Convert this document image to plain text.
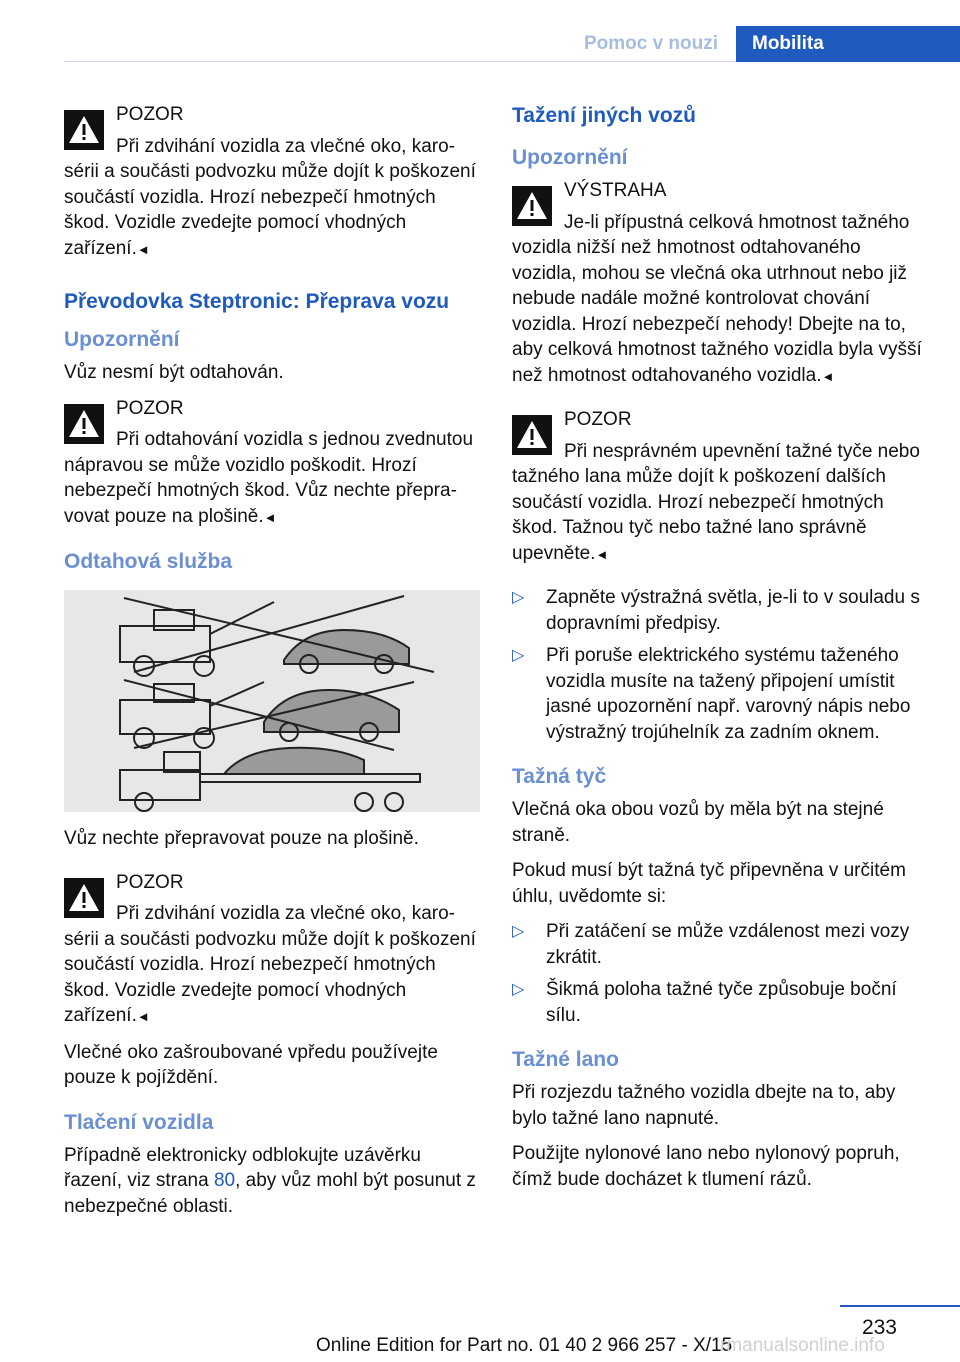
Pomoc v nouzi	Mobilita
POZOR
Při zdvihání vozidla za vlečné oko, karosérii a součásti podvozku může dojít k poškození součástí vozidla. Hrozí nebezpečí hmotných škod. Vozidle zvedejte pomocí vhodných zařízení.◄
Převodovka Steptronic: Přeprava vozu
Upozornění

Vůz nesmí být odtahován.

POZOR
Při odtahování vozidla s jednou zvednutou nápravou se může vozidlo poškodit. Hrozí nebezpečí hmotných škod. Vůz nechte přepravovat pouze na plošině.◄
Odtahová služba

Vůz nechte přepravovat pouze na plošině.

POZOR
Při zdvihání vozidla za vlečné oko, karosérii a součásti podvozku může dojít k poškození součástí vozidla. Hrozí nebezpečí hmotných škod. Vozidle zvedejte pomocí vhodných zařízení.◄

Vlečné oko zašroubované vpředu používejte pouze k pojíždění.

Tlačení vozidla

Případně elektronicky odblokujte uzávěrku řazení, viz strana 80, aby vůz mohl být posunut z nebezpečné oblasti.

Tažení jiných vozů
Upozornění
VÝSTRAHA
Je-li přípustná celková hmotnost tažného vozidla nižší než hmotnost odtahovaného vozidla, mohou se vlečná oka utrhnout nebo již nebude nadále možné kontrolovat chování vozidla. Hrozí nebezpečí nehody! Dbejte na to, aby celková hmotnost tažného vozidla byla vyšší než hmotnost odtahovaného vozidla.◄
POZOR
Při nesprávném upevnění tažné tyče nebo tažného lana může dojít k poškození dalších součástí vozidla. Hrozí nebezpečí hmotných škod. Tažnou tyč nebo tažné lano správně upevněte.◄
▷ Zapněte výstražná světla, je-li to v souladu s dopravními předpisy.
▷ Při poruše elektrického systému taženého vozidla musíte na tažený připojení umístit jasné upozornění např. varovný nápis nebo výstražný trojúhelník za zadním oknem.
Tažná tyč

Vlečná oka obou vozů by měla být na stejné straně.

Pokud musí být tažná tyč připevněna v určitém úhlu, uvědomte si:

▷ Při zatáčení se může vzdálenost mezi vozy zkrátit.
▷ Šikmá poloha tažné tyče způsobuje boční sílu.
Tažné lano

Při rozjezdu tažného vozidla dbejte na to, aby bylo tažné lano napnuté.

Použijte nylonové lano nebo nylonový popruh, čímž bude docházet k tlumení rázů.

233
Online Edition for Part no. 01 40 2 966 257 - X/15
rmanualsonline.info
